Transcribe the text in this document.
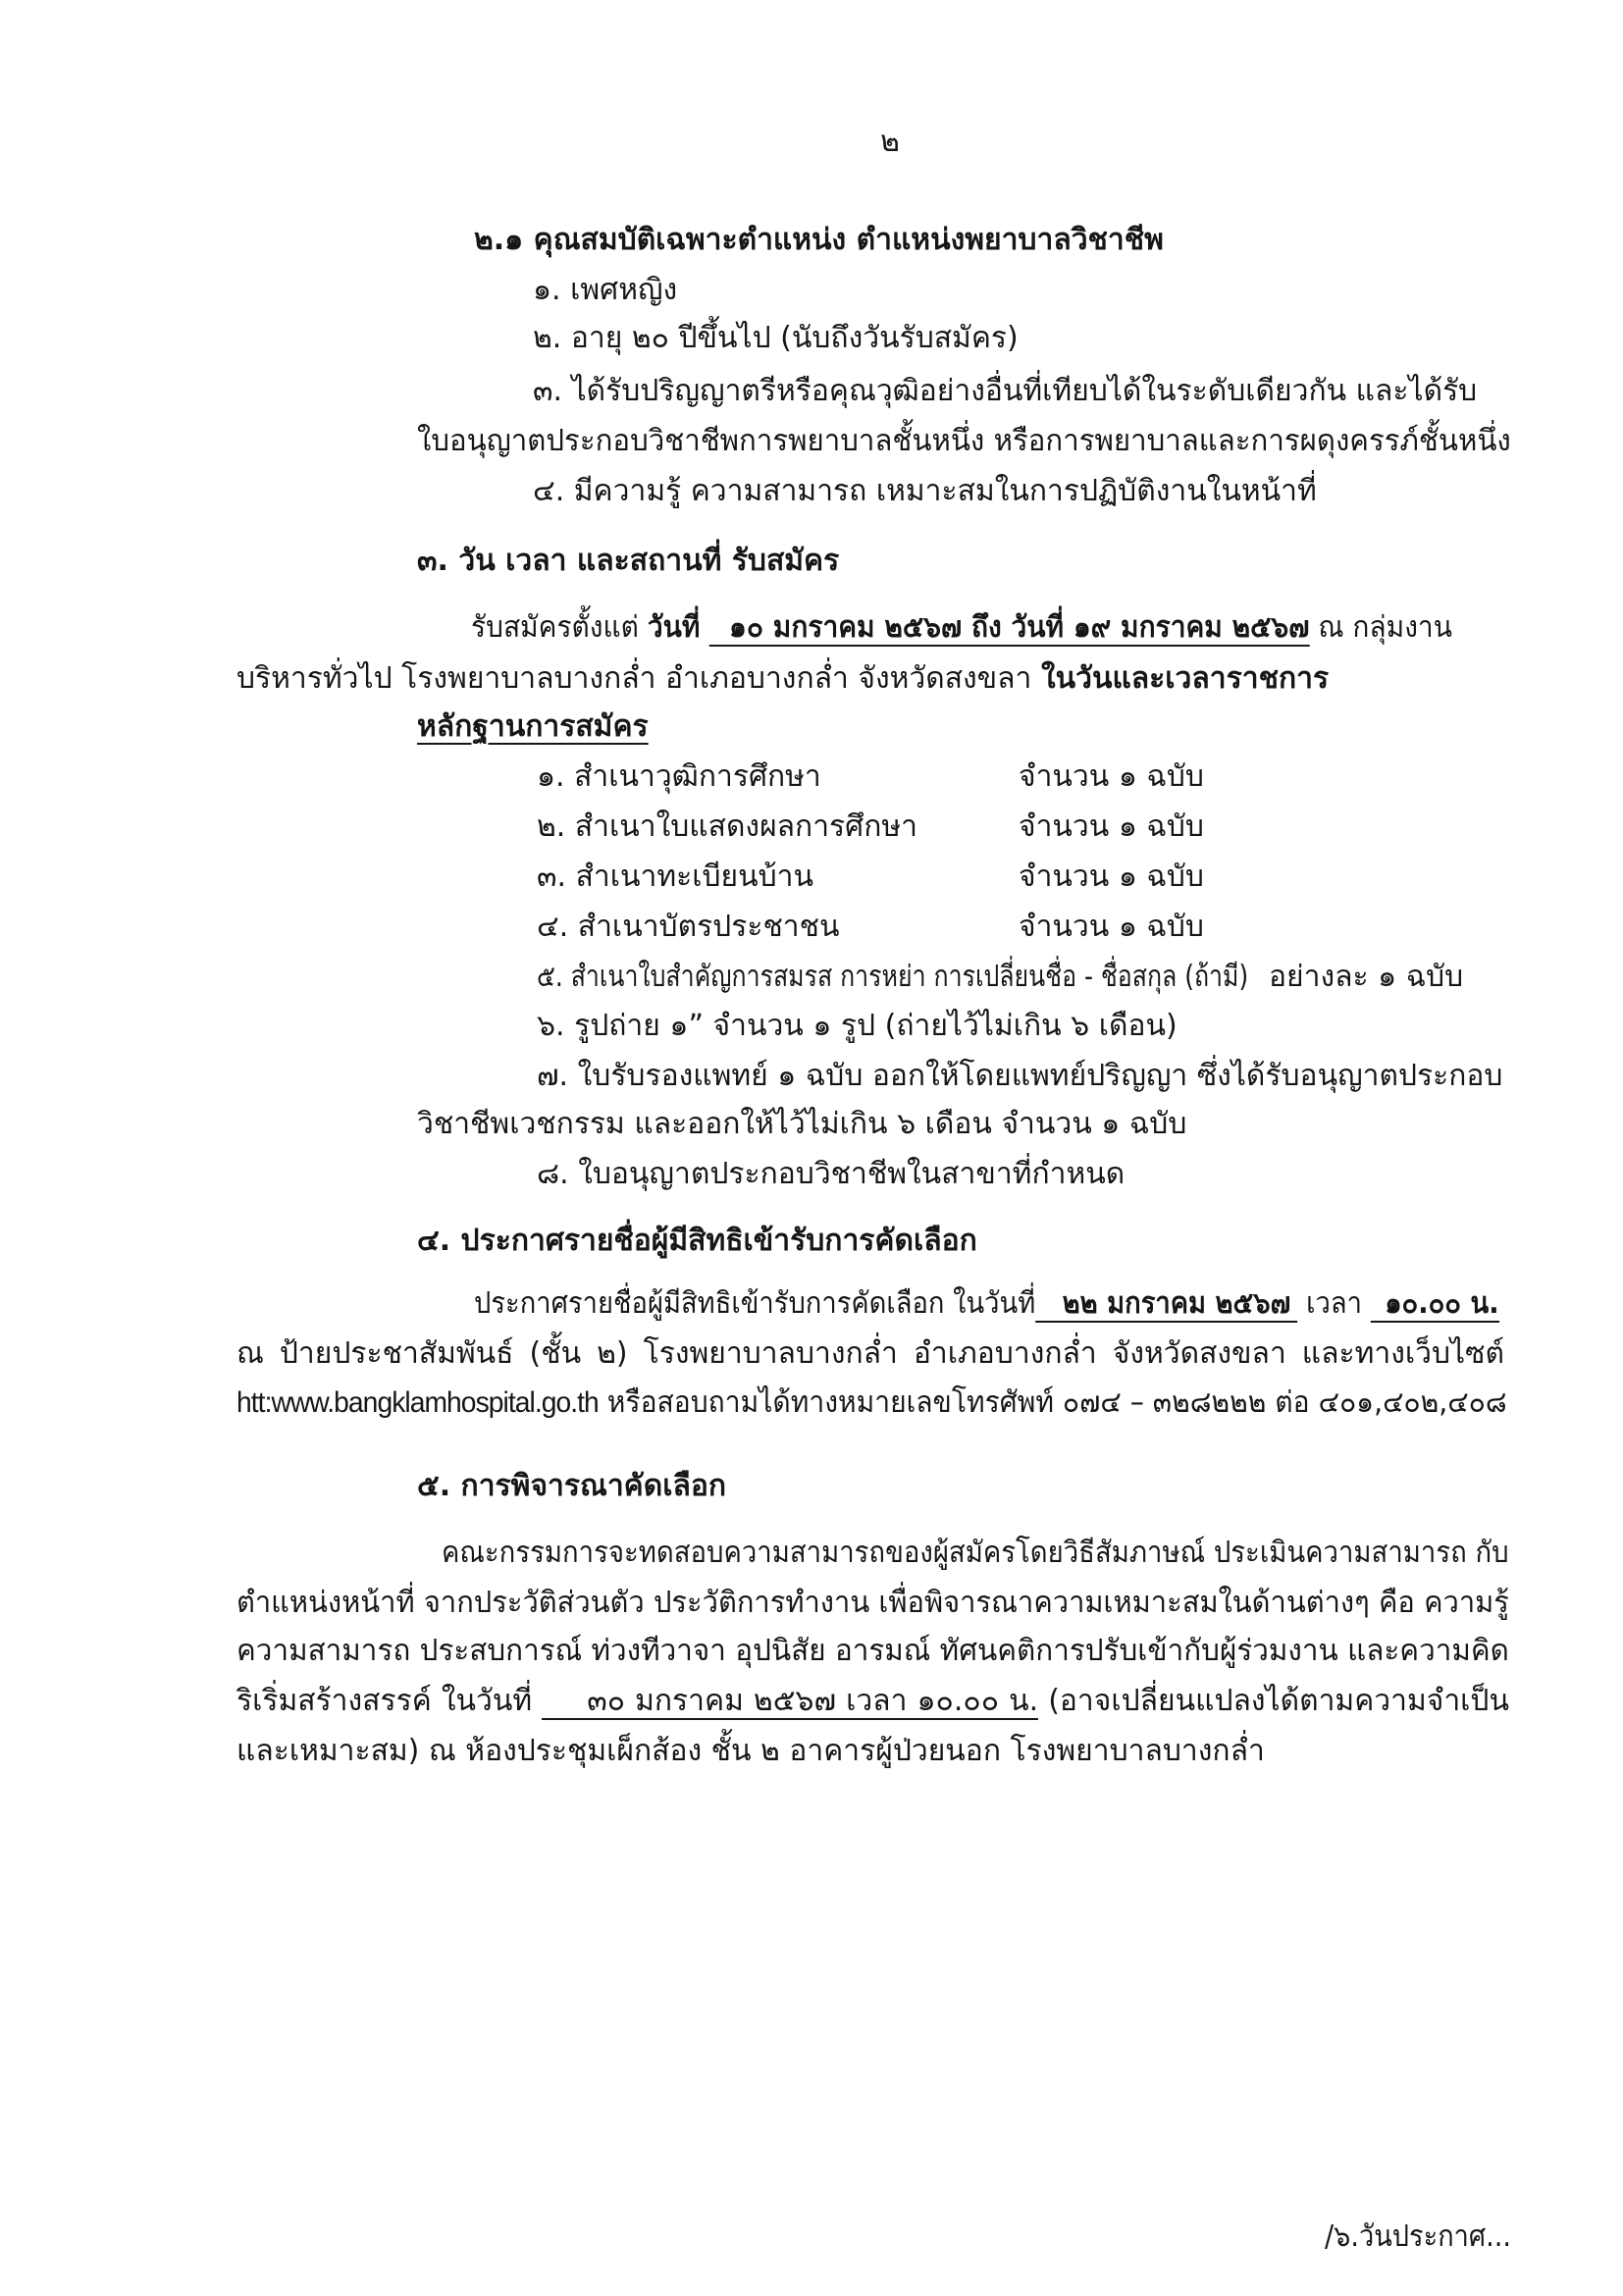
๒
๒.๑ คุณสมบัติเฉพาะตำแหน่ง ตำแหน่งพยาบาลวิชาชีพ
๑. เพศหญิง
๒. อายุ ๒๐ ปีขึ้นไป (นับถึงวันรับสมัคร)
๓. ได้รับปริญญาตรีหรือคุณวุฒิอย่างอื่นที่เทียบได้ในระดับเดียวกัน และได้รับ
ใบอนุญาตประกอบวิชาชีพการพยาบาลชั้นหนึ่ง หรือการพยาบาลและการผดุงครรภ์ชั้นหนึ่ง
๔. มีความรู้ ความสามารถ เหมาะสมในการปฏิบัติงานในหน้าที่
๓. วัน เวลา และสถานที่ รับสมัคร
รับสมัครตั้งแต่ วันที่ ๑๐ มกราคม ๒๕๖๗ ถึง วันที่ ๑๙ มกราคม ๒๕๖๗ ณ กลุ่มงาน
บริหารทั่วไป โรงพยาบาลบางกล่ำ อำเภอบางกล่ำ จังหวัดสงขลา ในวันและเวลาราชการ
หลักฐานการสมัคร
๑. สำเนาวุฒิการศึกษา	จำนวน ๑ ฉบับ
๒. สำเนาใบแสดงผลการศึกษา	จำนวน ๑ ฉบับ
๓. สำเนาทะเบียนบ้าน	จำนวน ๑ ฉบับ
๔. สำเนาบัตรประชาชน	จำนวน ๑ ฉบับ
๕. สำเนาใบสำคัญการสมรส การหย่า การเปลี่ยนชื่อ - ชื่อสกุล (ถ้ามี) อย่างละ ๑ ฉบับ
๖. รูปถ่าย ๑” จำนวน ๑ รูป (ถ่ายไว้ไม่เกิน ๖ เดือน)
๗. ใบรับรองแพทย์ ๑ ฉบับ ออกให้โดยแพทย์ปริญญา ซึ่งได้รับอนุญาตประกอบ
วิชาชีพเวชกรรม และออกให้ไว้ไม่เกิน ๖ เดือน จำนวน ๑ ฉบับ
๘. ใบอนุญาตประกอบวิชาชีพในสาขาที่กำหนด
๔. ประกาศรายชื่อผู้มีสิทธิเข้ารับการคัดเลือก
ประกาศรายชื่อผู้มีสิทธิเข้ารับการคัดเลือก ในวันที่ ๒๒ มกราคม ๒๕๖๗ เวลา ๑๐.๐๐ น.
ณ ป้ายประชาสัมพันธ์ (ชั้น ๒) โรงพยาบาลบางกล่ำ อำเภอบางกล่ำ จังหวัดสงขลา และทางเว็บไซต์
htt:www.bangklamhospital.go.th หรือสอบถามได้ทางหมายเลขโทรศัพท์ ๐๗๔ – ๓๒๘๒๒๒ ต่อ ๔๐๑,๔๐๒,๔๐๘
๕. การพิจารณาคัดเลือก
คณะกรรมการจะทดสอบความสามารถของผู้สมัครโดยวิธีสัมภาษณ์ ประเมินความสามารถ กับ
ตำแหน่งหน้าที่ จากประวัติส่วนตัว ประวัติการทำงาน เพื่อพิจารณาความเหมาะสมในด้านต่างๆ คือ ความรู้
ความสามารถ ประสบการณ์ ท่วงทีวาจา อุปนิสัย อารมณ์ ทัศนคติการปรับเข้ากับผู้ร่วมงาน และความคิด
ริเริ่มสร้างสรรค์ ในวันที่ ๓๐ มกราคม ๒๕๖๗ เวลา ๑๐.๐๐ น. (อาจเปลี่ยนแปลงได้ตามความจำเป็น
และเหมาะสม) ณ ห้องประชุมเผ็กส้อง ชั้น ๒ อาคารผู้ป่วยนอก โรงพยาบาลบางกล่ำ
/๖.วันประกาศ...
